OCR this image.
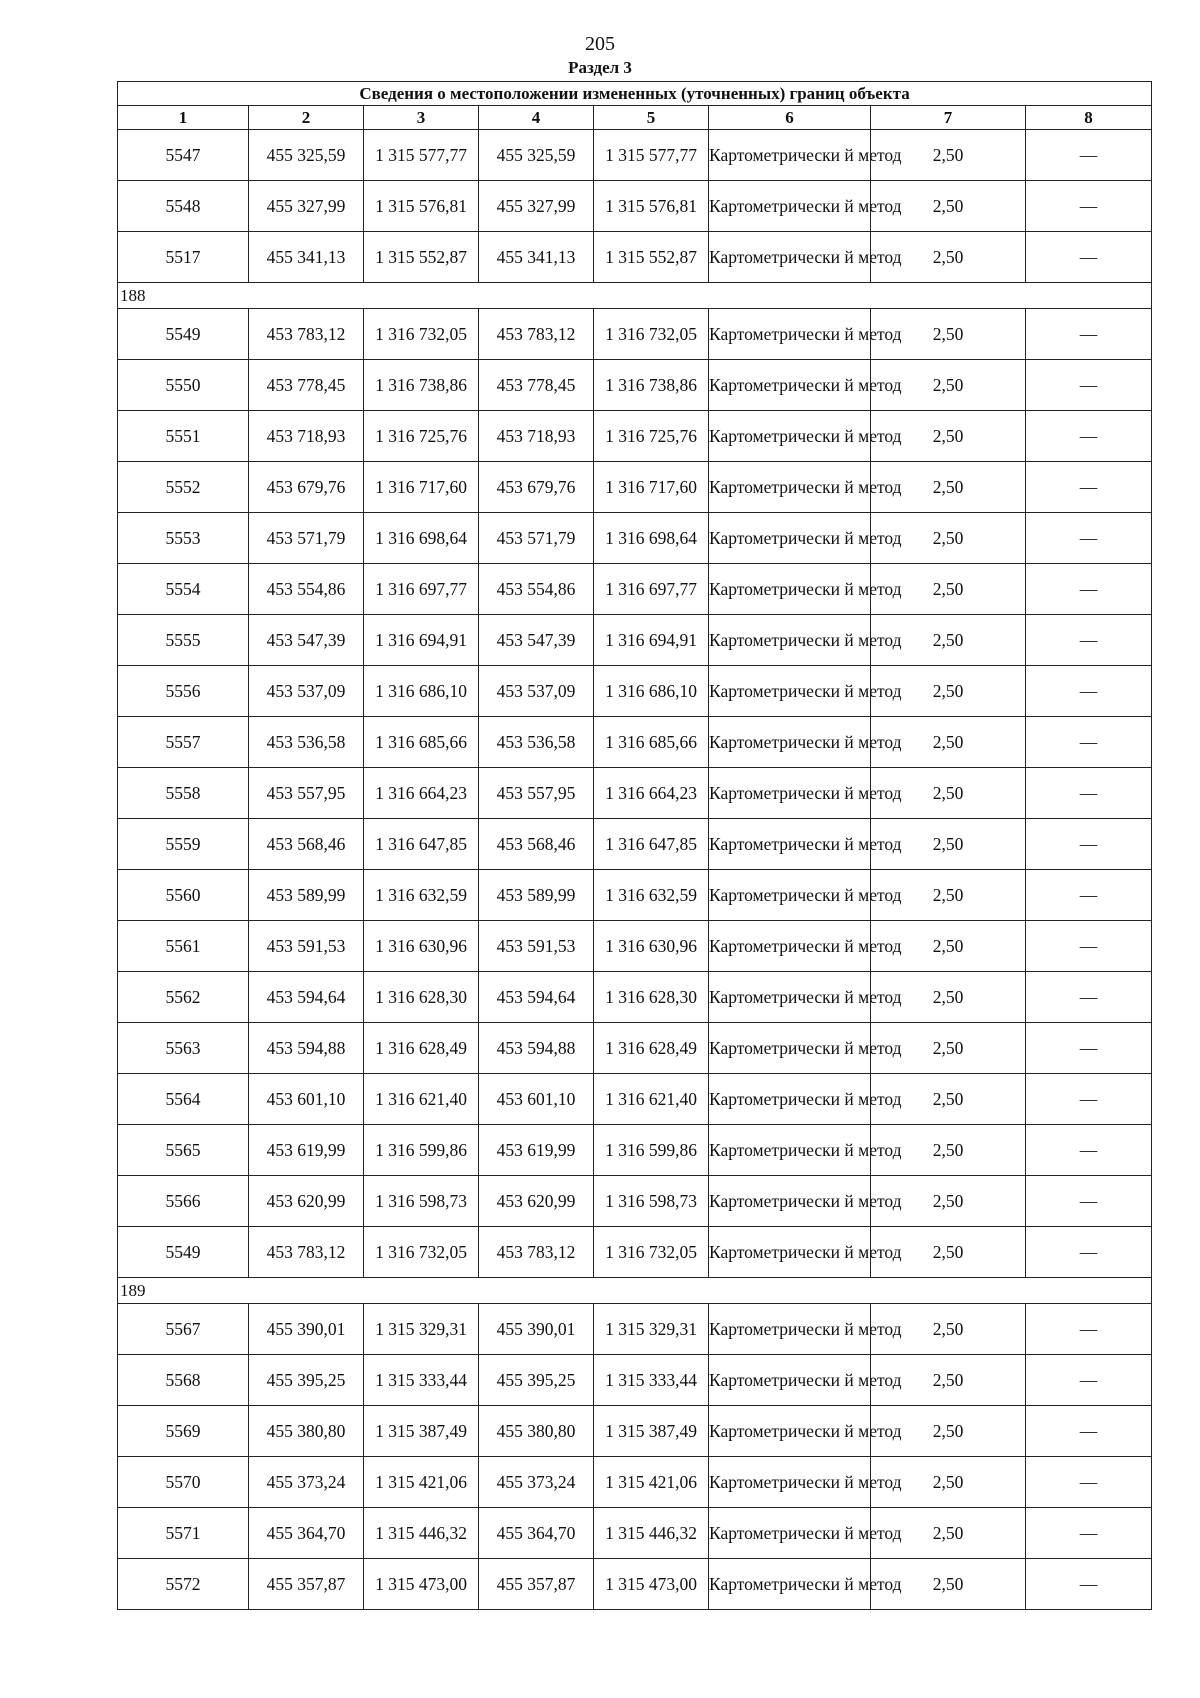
205
Раздел 3
Сведения о местоположении измененных (уточненных) границ объекта							
1	2	3	4	5	6	7	8
5547	455 325,59	1 315 577,77	455 325,59	1 315 577,77	Картометрически й метод	2,50	—
5548	455 327,99	1 315 576,81	455 327,99	1 315 576,81	Картометрически й метод	2,50	—
5517	455 341,13	1 315 552,87	455 341,13	1 315 552,87	Картометрически й метод	2,50	—
188							
5549	453 783,12	1 316 732,05	453 783,12	1 316 732,05	Картометрически й метод	2,50	—
5550	453 778,45	1 316 738,86	453 778,45	1 316 738,86	Картометрически й метод	2,50	—
5551	453 718,93	1 316 725,76	453 718,93	1 316 725,76	Картометрически й метод	2,50	—
5552	453 679,76	1 316 717,60	453 679,76	1 316 717,60	Картометрически й метод	2,50	—
5553	453 571,79	1 316 698,64	453 571,79	1 316 698,64	Картометрически й метод	2,50	—
5554	453 554,86	1 316 697,77	453 554,86	1 316 697,77	Картометрически й метод	2,50	—
5555	453 547,39	1 316 694,91	453 547,39	1 316 694,91	Картометрически й метод	2,50	—
5556	453 537,09	1 316 686,10	453 537,09	1 316 686,10	Картометрически й метод	2,50	—
5557	453 536,58	1 316 685,66	453 536,58	1 316 685,66	Картометрически й метод	2,50	—
5558	453 557,95	1 316 664,23	453 557,95	1 316 664,23	Картометрически й метод	2,50	—
5559	453 568,46	1 316 647,85	453 568,46	1 316 647,85	Картометрически й метод	2,50	—
5560	453 589,99	1 316 632,59	453 589,99	1 316 632,59	Картометрически й метод	2,50	—
5561	453 591,53	1 316 630,96	453 591,53	1 316 630,96	Картометрически й метод	2,50	—
5562	453 594,64	1 316 628,30	453 594,64	1 316 628,30	Картометрически й метод	2,50	—
5563	453 594,88	1 316 628,49	453 594,88	1 316 628,49	Картометрически й метод	2,50	—
5564	453 601,10	1 316 621,40	453 601,10	1 316 621,40	Картометрически й метод	2,50	—
5565	453 619,99	1 316 599,86	453 619,99	1 316 599,86	Картометрически й метод	2,50	—
5566	453 620,99	1 316 598,73	453 620,99	1 316 598,73	Картометрически й метод	2,50	—
5549	453 783,12	1 316 732,05	453 783,12	1 316 732,05	Картометрически й метод	2,50	—
189							
5567	455 390,01	1 315 329,31	455 390,01	1 315 329,31	Картометрически й метод	2,50	—
5568	455 395,25	1 315 333,44	455 395,25	1 315 333,44	Картометрически й метод	2,50	—
5569	455 380,80	1 315 387,49	455 380,80	1 315 387,49	Картометрически й метод	2,50	—
5570	455 373,24	1 315 421,06	455 373,24	1 315 421,06	Картометрически й метод	2,50	—
5571	455 364,70	1 315 446,32	455 364,70	1 315 446,32	Картометрически й метод	2,50	—
5572	455 357,87	1 315 473,00	455 357,87	1 315 473,00	Картометрически й метод	2,50	—
